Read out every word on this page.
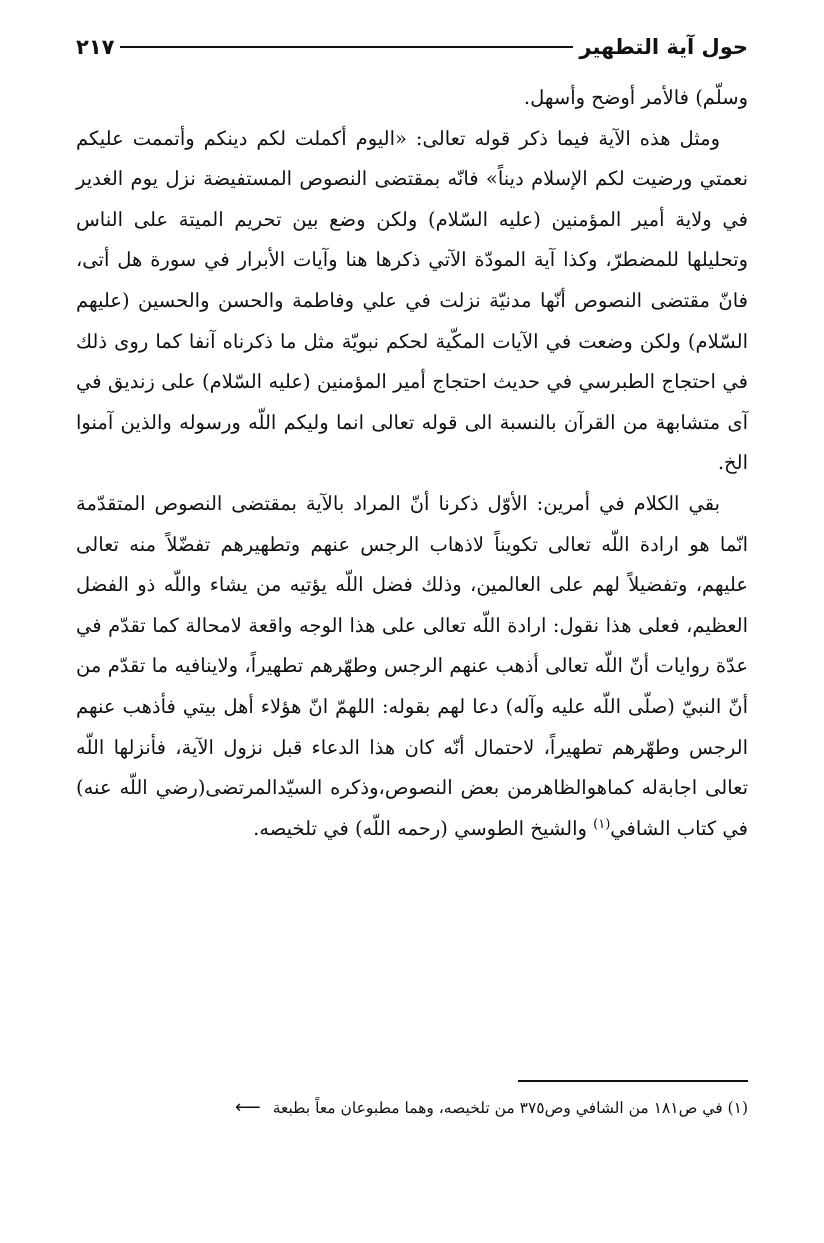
٢١٧	حول آية التطهير

وسلّم) فالأمر أوضح وأسهل.

ومثل هذه الآية فيما ذكر قوله تعالى: «اليوم أكملت لكم دينكم وأتممت عليكم نعمتي ورضيت لكم الإسلام ديناً» فانّه بمقتضى النصوص المستفيضة نزل يوم الغدير في ولاية أمير المؤمنين (عليه السّلام) ولكن وضع بين تحريم الميتة على الناس وتحليلها للمضطرّ، وكذا آية المودّة الآتي ذكرها هنا وآيات الأبرار في سورة هل أتى، فانّ مقتضى النصوص أنّها مدنيّة نزلت في علي وفاطمة والحسن والحسين (عليهم السّلام) ولكن وضعت في الآيات المكّية لحكم نبويّة مثل ما ذكرناه آنفا كما روى ذلك في احتجاج الطبرسي في حديث احتجاج أمير المؤمنين (عليه السّلام) على زنديق في آى متشابهة من القرآن بالنسبة الى قوله تعالى انما وليكم اللّه ورسوله والذين آمنوا الخ.

بقي الكلام في أمرين: الأوّل ذكرنا أنّ المراد بالآية بمقتضى النصوص المتقدّمة انّما هو ارادة اللّه تعالى تكويناً لاذهاب الرجس عنهم وتطهيرهم تفضّلاً منه تعالى عليهم، وتفضيلاً لهم على العالمين، وذلك فضل اللّه يؤتيه من يشاء واللّه ذو الفضل العظيم، فعلى هذا نقول: ارادة اللّه تعالى على هذا الوجه واقعة لامحالة كما تقدّم في عدّة روايات أنّ اللّه تعالى أذهب عنهم الرجس وطهّرهم تطهيراً، ولاينافيه ما تقدّم من أنّ النبيّ (صلّى اللّه عليه وآله) دعا لهم بقوله: اللهمّ انّ هؤلاء أهل بيتي فأذهب عنهم الرجس وطهّرهم تطهيراً، لاحتمال أنّه كان هذا الدعاء قبل نزول الآية، فأنزلها اللّه تعالى اجابةله كماهوالظاهرمن بعض النصوص،وذكره السيّدالمرتضى(رضي اللّه عنه) في كتاب الشافي$^{(١)}$ والشيخ الطوسي (رحمه اللّه) في تلخيصه.

(١) في ص١٨١ من الشافي وص٣٧٥ من تلخيصه، وهما مطبوعان معاً بطبعة⟵
